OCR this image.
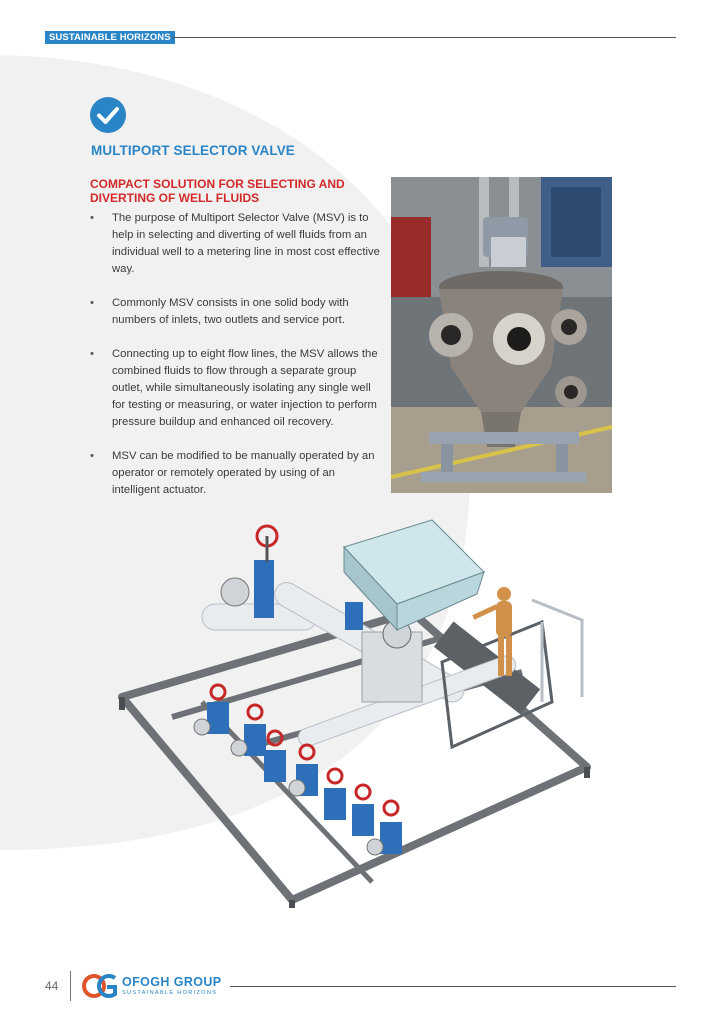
SUSTAINABLE HORIZONS
MULTIPORT SELECTOR VALVE
COMPACT SOLUTION FOR SELECTING AND DIVERTING OF WELL FLUIDS
• The purpose of Multiport Selector Valve (MSV) is to help in selecting and diverting of well fluids from an individual well to a metering line in most cost effective way.
• Commonly MSV consists in one solid body with numbers of inlets, two outlets and service port.
• Connecting up to eight flow lines, the MSV allows the combined fluids to flow through a separate group outlet, while simultaneously isolating any single well for testing or measuring, or water injection to perform pressure buildup and enhanced oil recovery.
• MSV can be modified to be manually operated by an operator or remotely operated by using of an intelligent actuator.
44	OFOGH GROUP
SUSTAINABLE HORIZONS
